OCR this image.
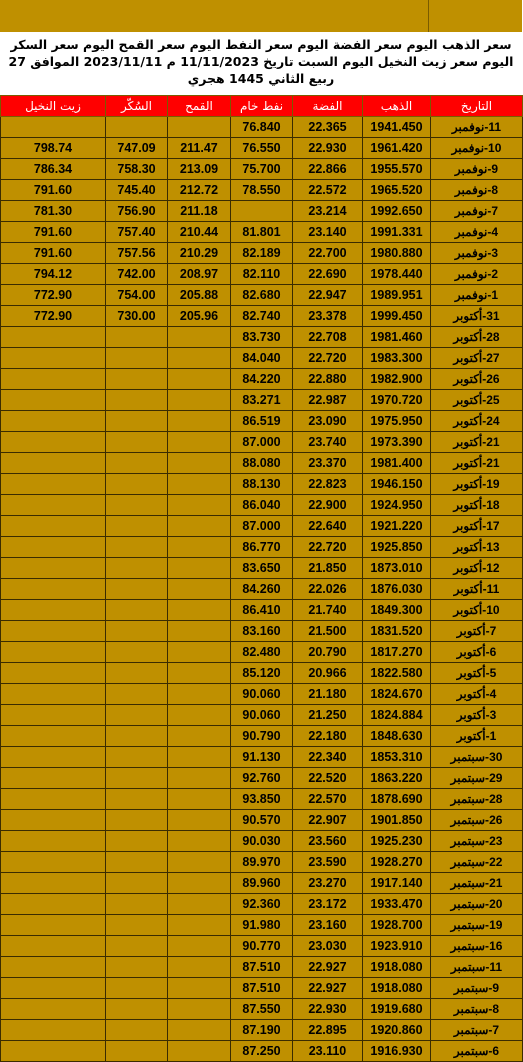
سعر الذهب اليوم سعر الفضة اليوم سعر النفط اليوم سعر القمح اليوم سعر السكر اليوم سعر زيت النخيل اليوم السبت تاريخ 11/11/2023 م 2023/11/11 الموافق 27 ربيع الثاني 1445 هجري
التاريخ	الذهب	الفضة	نفط خام	القمح	السُكّر	زيت النخيل
11-نوفمبر	1941.450	22.365	76.840			
10-نوفمبر	1961.420	22.930	76.550	211.47	747.09	798.74
9-نوفمبر	1955.570	22.866	75.700	213.09	758.30	786.34
8-نوفمبر	1965.520	22.572	78.550	212.72	745.40	791.60
7-نوفمبر	1992.650	23.214		211.18	756.90	781.30
4-نوفمبر	1991.331	23.140	81.801	210.44	757.40	791.60
3-نوفمبر	1980.880	22.700	82.189	210.29	757.56	791.60
2-نوفمبر	1978.440	22.690	82.110	208.97	742.00	794.12
1-نوفمبر	1989.951	22.947	82.680	205.88	754.00	772.90
31-أكتوبر	1999.450	23.378	82.740	205.96	730.00	772.90
28-أكتوبر	1981.460	22.708	83.730			
27-أكتوبر	1983.300	22.720	84.040			
26-أكتوبر	1982.900	22.880	84.220			
25-أكتوبر	1970.720	22.987	83.271			
24-أكتوبر	1975.950	23.090	86.519			
21-أكتوبر	1973.390	23.740	87.000			
21-أكتوبر	1981.400	23.370	88.080			
19-أكتوبر	1946.150	22.823	88.130			
18-أكتوبر	1924.950	22.900	86.040			
17-أكتوبر	1921.220	22.640	87.000			
13-أكتوبر	1925.850	22.720	86.770			
12-أكتوبر	1873.010	21.850	83.650			
11-أكتوبر	1876.030	22.026	84.260			
10-أكتوبر	1849.300	21.740	86.410			
7-أكتوبر	1831.520	21.500	83.160			
6-أكتوبر	1817.270	20.790	82.480			
5-أكتوبر	1822.580	20.966	85.120			
4-أكتوبر	1824.670	21.180	90.060			
3-أكتوبر	1824.884	21.250	90.060			
1-أكتوبر	1848.630	22.180	90.790			
30-سبتمبر	1853.310	22.340	91.130			
29-سبتمبر	1863.220	22.520	92.760			
28-سبتمبر	1878.690	22.570	93.850			
26-سبتمبر	1901.850	22.907	90.570			
23-سبتمبر	1925.230	23.560	90.030			
22-سبتمبر	1928.270	23.590	89.970			
21-سبتمبر	1917.140	23.270	89.960			
20-سبتمبر	1933.470	23.172	92.360			
19-سبتمبر	1928.700	23.160	91.980			
16-سبتمبر	1923.910	23.030	90.770			
11-سبتمبر	1918.080	22.927	87.510			
9-سبتمبر	1918.080	22.927	87.510			
8-سبتمبر	1919.680	22.930	87.550			
7-سبتمبر	1920.860	22.895	87.190			
6-سبتمبر	1916.930	23.110	87.250			
